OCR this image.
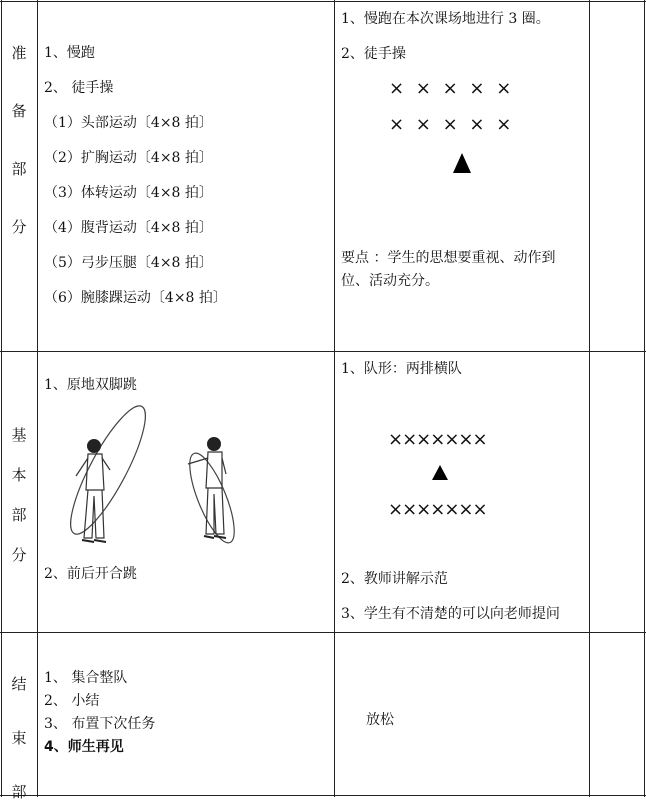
准
备
部
分
基
本
部
分
结
束
部
1、慢跑
2、 徒手操
（1）头部运动〔4×8 拍〕
（2）扩胸运动〔4×8 拍〕
（3）体转运动〔4×8 拍〕
（4）腹背运动〔4×8 拍〕
（5）弓步压腿〔4×8 拍〕
（6）腕膝踝运动〔4×8 拍〕
1、慢跑在本次课场地进行 3 圈。
2、徒手操
× × × × ×
× × × × ×
要点 ：学生的思想要重视、动作到
位、活动充分。
1、原地双脚跳
2、前后开合跳
1、队形：两排横队
×××××××
×××××××
2、教师讲解示范
3、学生有不清楚的可以向老师提问
1、 集合整队
2、 小结
3、 布置下次任务
4、师生再见
放松
